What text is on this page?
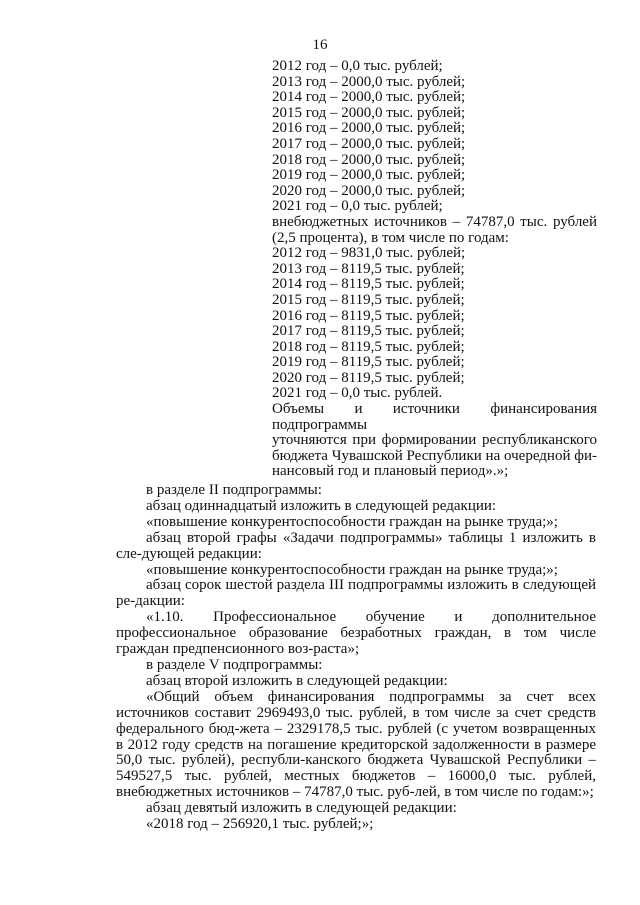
16
2012 год – 0,0 тыс. рублей;
2013 год – 2000,0 тыс. рублей;
2014 год – 2000,0 тыс. рублей;
2015 год – 2000,0 тыс. рублей;
2016 год – 2000,0 тыс. рублей;
2017 год – 2000,0 тыс. рублей;
2018 год – 2000,0 тыс. рублей;
2019 год – 2000,0 тыс. рублей;
2020 год – 2000,0 тыс. рублей;
2021 год – 0,0 тыс. рублей;
внебюджетных источников – 74787,0 тыс. рублей
(2,5 процента), в том числе по годам:
2012 год – 9831,0 тыс. рублей;
2013 год – 8119,5 тыс. рублей;
2014 год – 8119,5 тыс. рублей;
2015 год – 8119,5 тыс. рублей;
2016 год – 8119,5 тыс. рублей;
2017 год – 8119,5 тыс. рублей;
2018 год – 8119,5 тыс. рублей;
2019 год – 8119,5 тыс. рублей;
2020 год – 8119,5 тыс. рублей;
2021 год – 0,0 тыс. рублей.
Объемы и источники финансирования подпрограммы
уточняются при формировании республиканского
бюджета Чувашской Республики на очередной фи-
нансовый год и плановый период».»;
в разделе II подпрограммы:
абзац одиннадцатый изложить в следующей редакции:
«повышение конкурентоспособности граждан на рынке труда;»;
абзац второй графы «Задачи подпрограммы» таблицы 1 изложить в сле-дующей редакции:
«повышение конкурентоспособности граждан на рынке труда;»;
абзац сорок шестой раздела III подпрограммы изложить в следующей ре-дакции:
«1.10. Профессиональное обучение и дополнительное профессиональное образование безработных граждан, в том числе граждан предпенсионного воз-раста»;
в разделе V подпрограммы:
абзац второй изложить в следующей редакции:
«Общий объем финансирования подпрограммы за счет всех источников составит 2969493,0 тыс. рублей, в том числе за счет средств федерального бюд-жета – 2329178,5 тыс. рублей (с учетом возвращенных в 2012 году средств на погашение кредиторской задолженности в размере 50,0 тыс. рублей), республи-канского бюджета Чувашской Республики – 549527,5 тыс. рублей, местных бюджетов – 16000,0 тыс. рублей, внебюджетных источников – 74787,0 тыс. руб-лей, в том числе по годам:»;
абзац девятый изложить в следующей редакции:
«2018 год – 256920,1 тыс. рублей;»;
